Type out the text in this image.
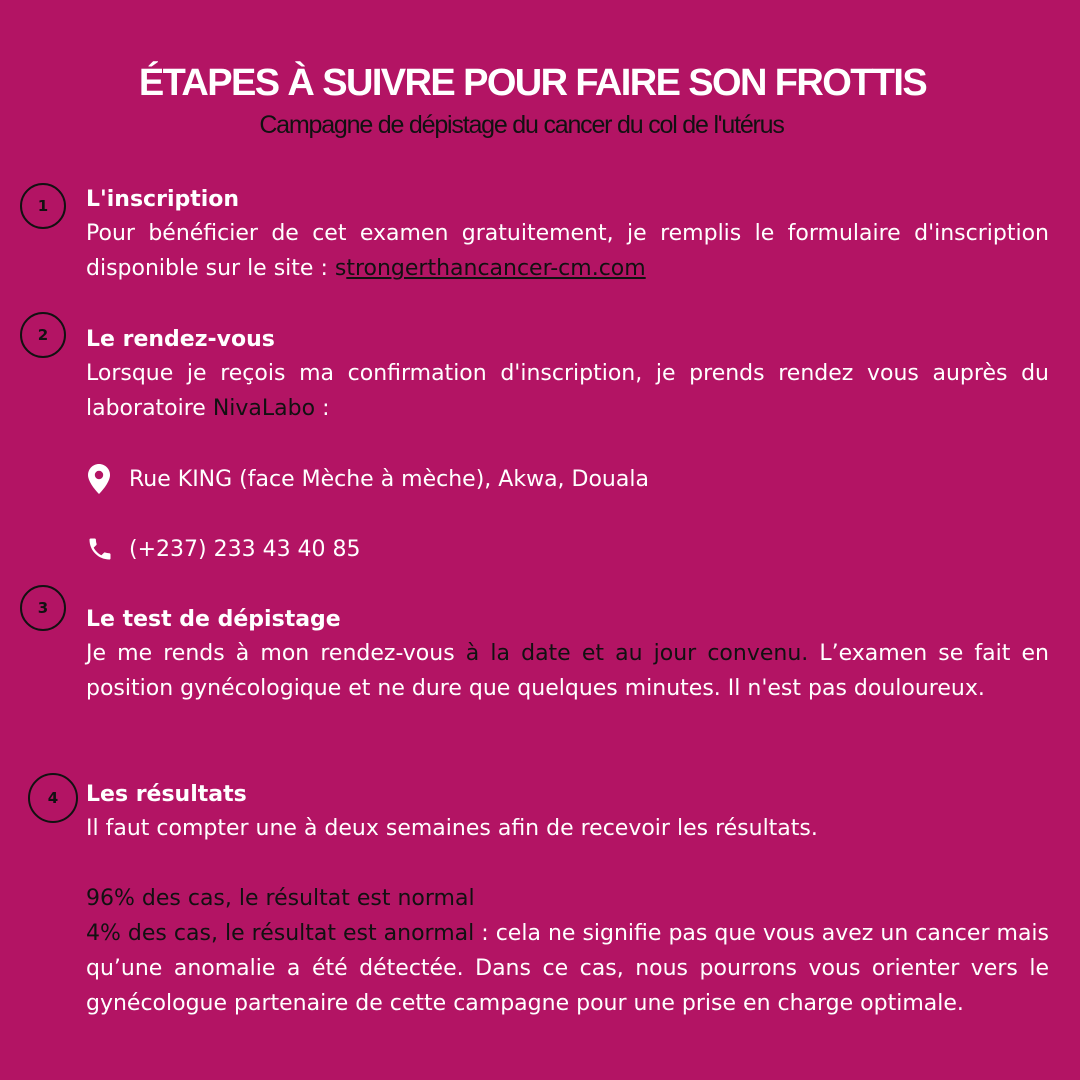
ÉTAPES À SUIVRE POUR FAIRE SON FROTTIS

Campagne de dépistage du cancer du col de l'utérus

1	L'inscription

Pour bénéficier de cet examen gratuitement, je remplis le formulaire d'inscription disponible sur le site : strongerthancancer-cm.com

2	Le rendez-vous

Lorsque je reçois ma confirmation d'inscription, je prends rendez vous auprès du laboratoire NivaLabo :

Rue KING (face Mèche à mèche), Akwa, Douala
(+237) 233 43 40 85
3	Le test de dépistage

Je me rends à mon rendez-vous à la date et au jour convenu. L’examen se fait en position gynécologique et ne dure que quelques minutes. Il n'est pas douloureux.

4	Les résultats

Il faut compter une à deux semaines afin de recevoir les résultats.

96% des cas, le résultat est normal

4% des cas, le résultat est anormal : cela ne signifie pas que vous avez un cancer mais qu’une anomalie a été détectée. Dans ce cas, nous pourrons vous orienter vers le gynécologue partenaire de cette campagne pour une prise en charge optimale.
